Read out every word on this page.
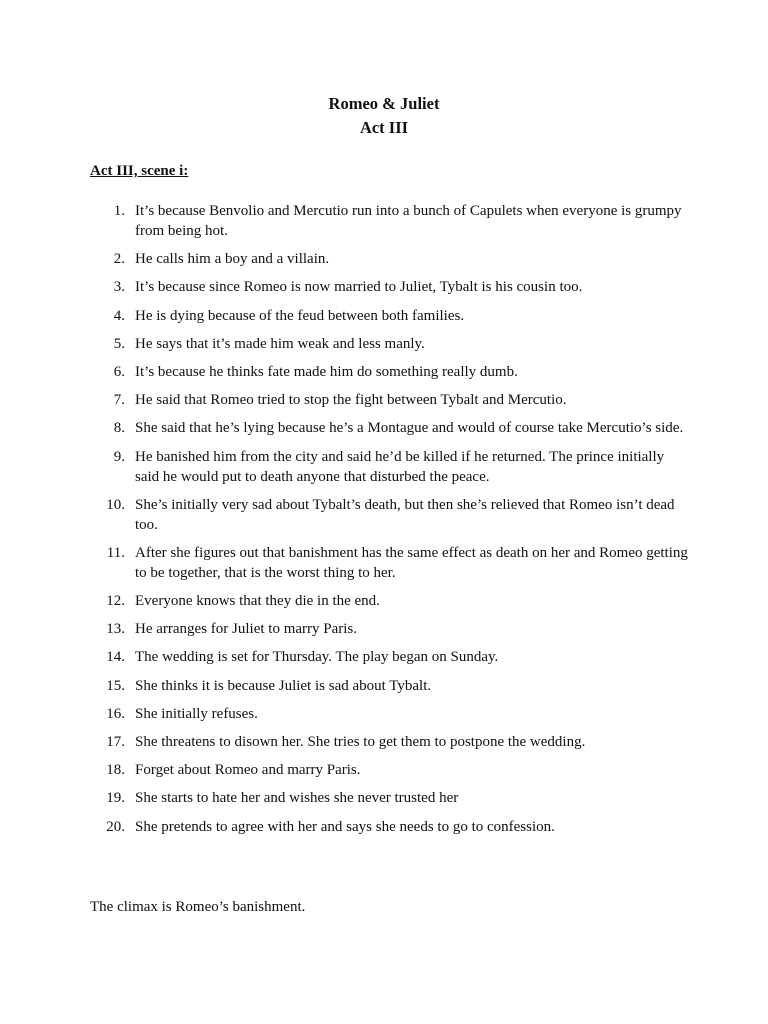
Romeo & Juliet
Act III
Act III, scene i:
1. It’s because Benvolio and Mercutio run into a bunch of Capulets when everyone is grumpy from being hot.
2. He calls him a boy and a villain.
3. It’s because since Romeo is now married to Juliet, Tybalt is his cousin too.
4. He is dying because of the feud between both families.
5. He says that it’s made him weak and less manly.
6. It’s because he thinks fate made him do something really dumb.
7. He said that Romeo tried to stop the fight between Tybalt and Mercutio.
8. She said that he’s lying because he’s a Montague and would of course take Mercutio’s side.
9. He banished him from the city and said he’d be killed if he returned. The prince initially said he would put to death anyone that disturbed the peace.
10. She’s initially very sad about Tybalt’s death, but then she’s relieved that Romeo isn’t dead too.
11. After she figures out that banishment has the same effect as death on her and Romeo getting to be together, that is the worst thing to her.
12. Everyone knows that they die in the end.
13. He arranges for Juliet to marry Paris.
14. The wedding is set for Thursday. The play began on Sunday.
15. She thinks it is because Juliet is sad about Tybalt.
16. She initially refuses.
17. She threatens to disown her. She tries to get them to postpone the wedding.
18. Forget about Romeo and marry Paris.
19. She starts to hate her and wishes she never trusted her
20. She pretends to agree with her and says she needs to go to confession.
The climax is Romeo’s banishment.
